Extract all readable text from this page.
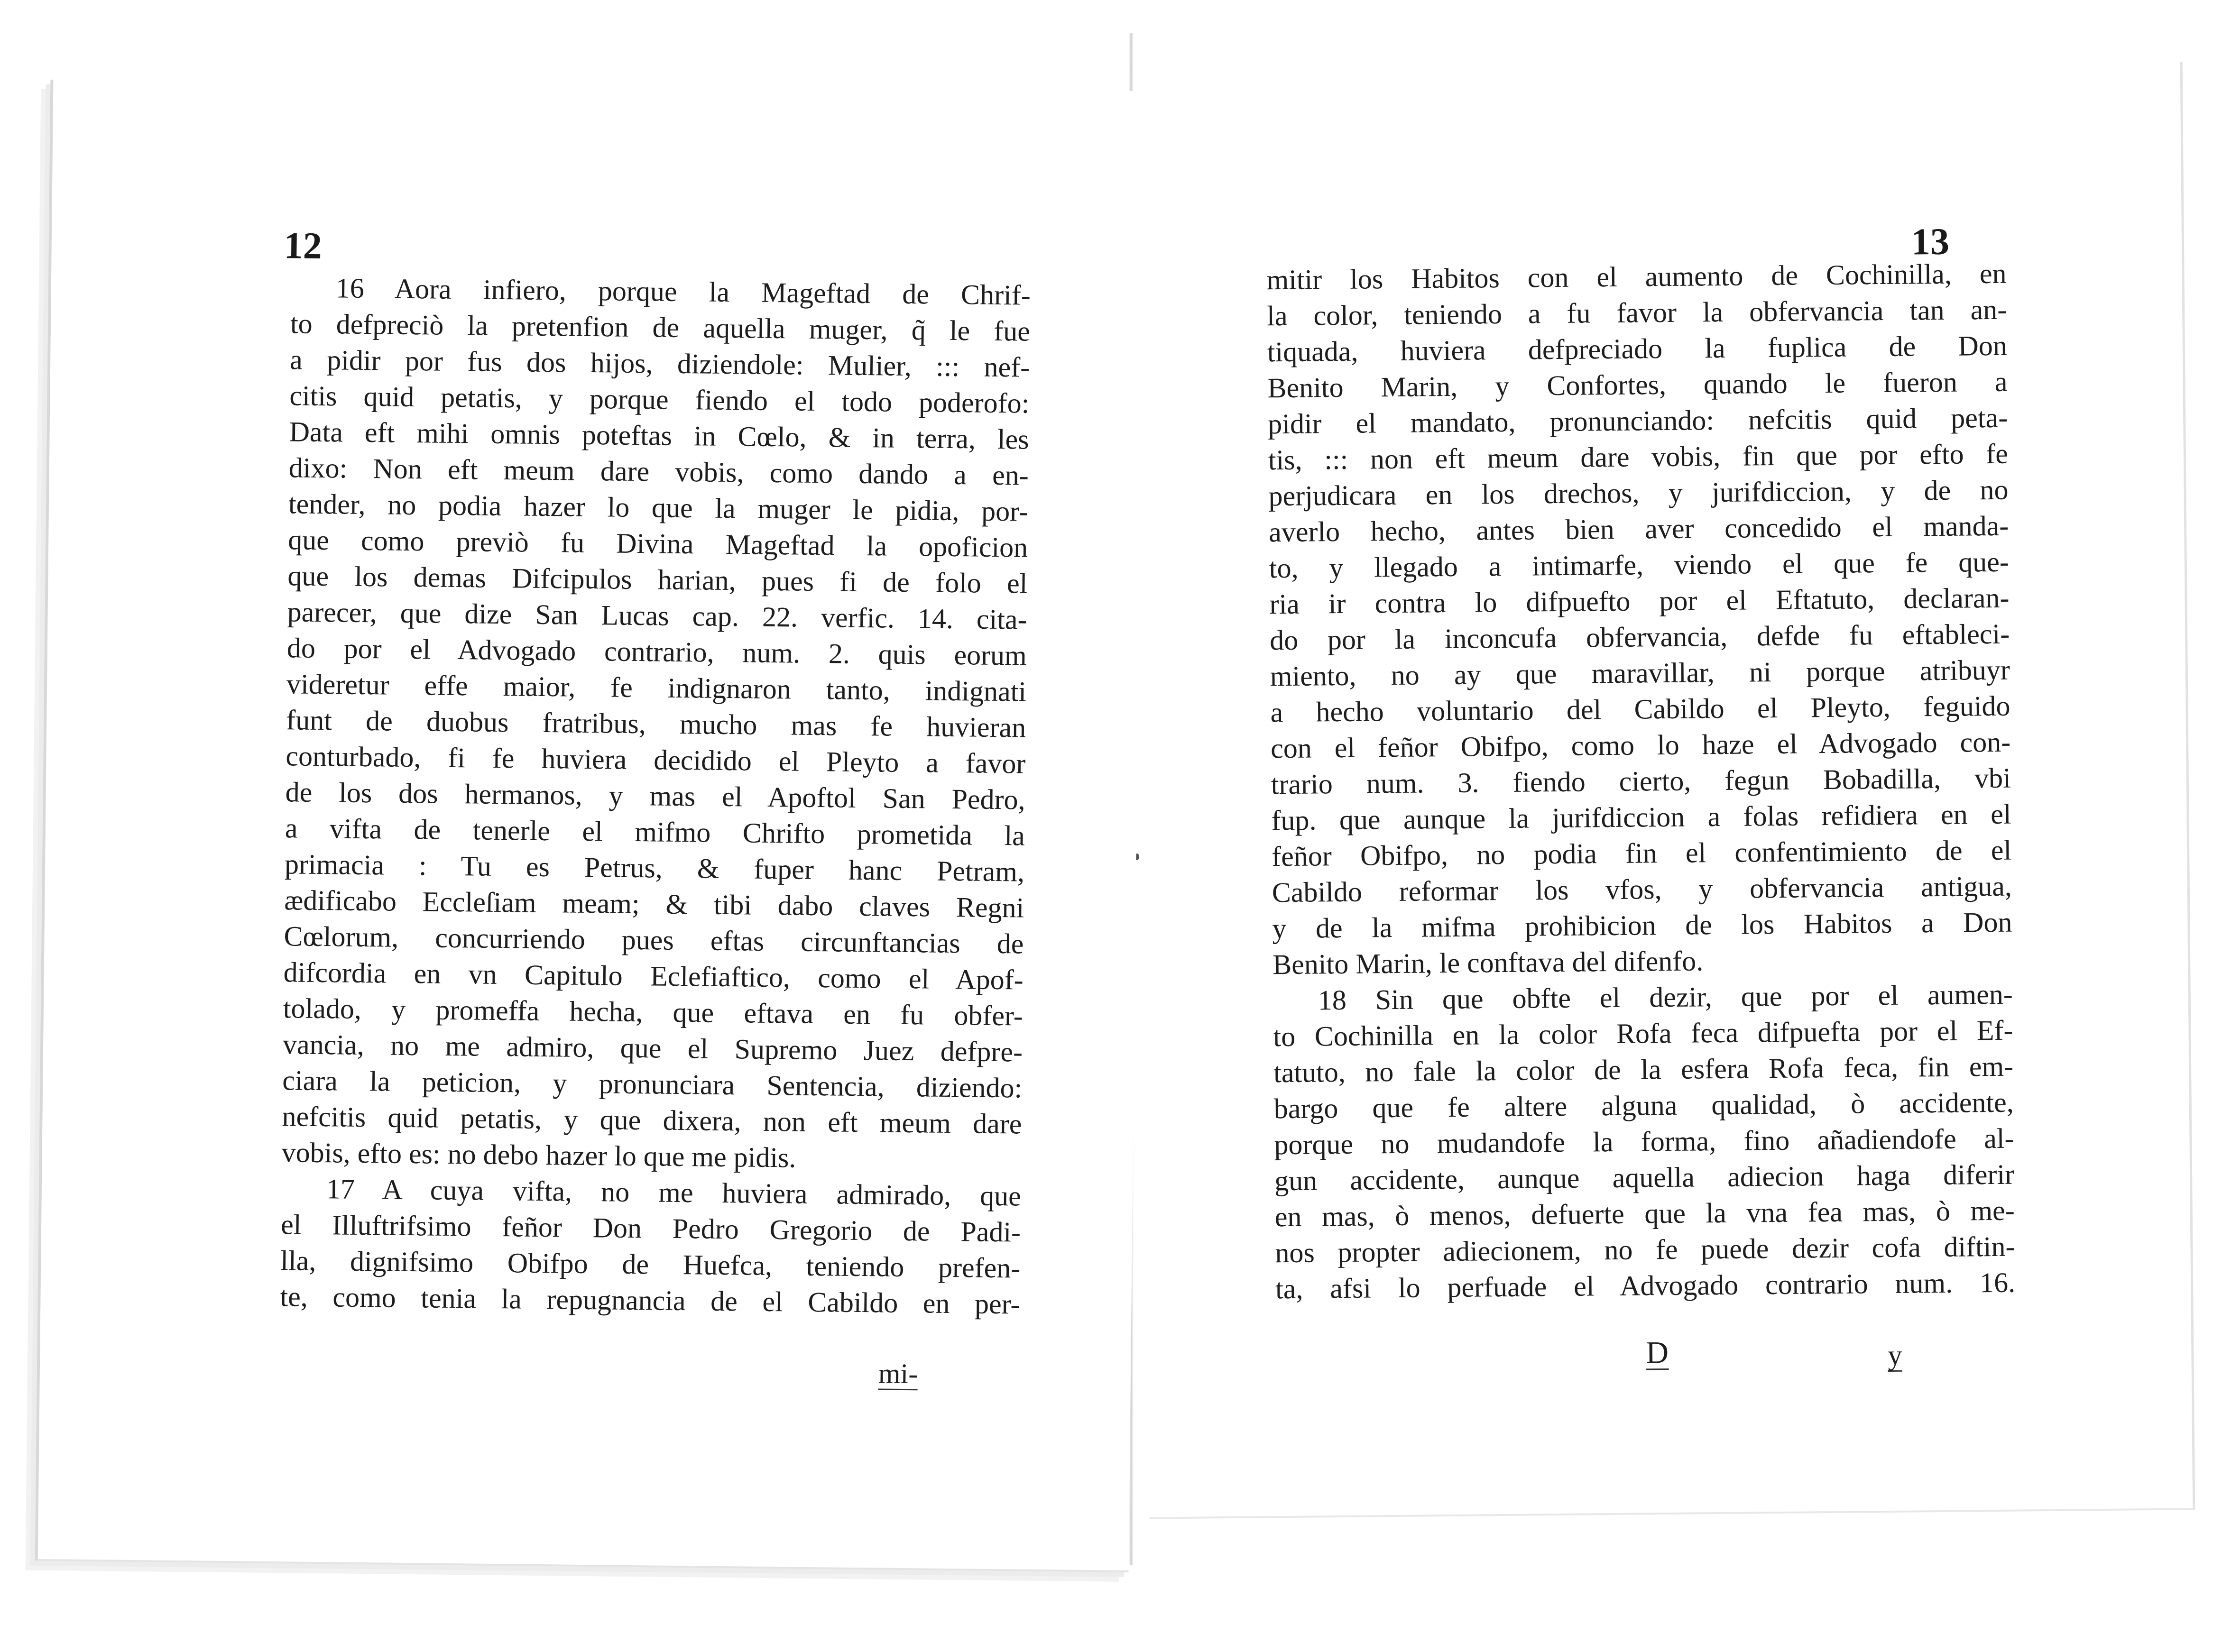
12
16 Aora infiero, porque la Mageftad de Chrif-
to defpreciò la pretenfion de aquella muger, q̃ le fue
a pidir por fus dos hijos, diziendole: Mulier, ::: nef-
citis quid petatis, y porque fiendo el todo poderofo:
Data eft mihi omnis poteftas in Cœlo, & in terra, les
dixo: Non eft meum dare vobis, como dando a en-
tender, no podia hazer lo que la muger le pidia, por-
que como previò fu Divina Mageftad la opoficion
que los demas Difcipulos harian, pues fi de folo el
parecer, que dize San Lucas cap. 22. verfic. 14. cita-
do por el Advogado contrario, num. 2. quis eorum
videretur effe maior, fe indignaron tanto, indignati
funt de duobus fratribus, mucho mas fe huvieran
conturbado, fi fe huviera decidido el Pleyto a favor
de los dos hermanos, y mas el Apoftol San Pedro,
a vifta de tenerle el mifmo Chrifto prometida la
primacia : Tu es Petrus, & fuper hanc Petram,
ædificabo Eccleſiam meam; & tibi dabo claves Regni
Cœlorum, concurriendo pues eftas circunftancias de
difcordia en vn Capitulo Eclefiaftico, como el Apof-
tolado, y promeffa hecha, que eftava en fu obfer-
vancia, no me admiro, que el Supremo Juez defpre-
ciara la peticion, y pronunciara Sentencia, diziendo:
nefcitis quid petatis, y que dixera, non eft meum dare
vobis, efto es: no debo hazer lo que me pidis.
17 A cuya vifta, no me huviera admirado, que
el Illuftrifsimo feñor Don Pedro Gregorio de Padi-
lla, dignifsimo Obifpo de Huefca, teniendo prefen-
te, como tenia la repugnancia de el Cabildo en per-
mi-
13
mitir los Habitos con el aumento de Cochinilla, en
la color, teniendo a fu favor la obfervancia tan an-
tiquada, huviera defpreciado la fuplica de Don
Benito Marin, y Confortes, quando le fueron a
pidir el mandato, pronunciando: nefcitis quid peta-
tis, ::: non eft meum dare vobis, fin que por efto fe
perjudicara en los drechos, y jurifdiccion, y de no
averlo hecho, antes bien aver concedido el manda-
to, y llegado a intimarfe, viendo el que fe que-
ria ir contra lo difpuefto por el Eftatuto, declaran-
do por la inconcufa obfervancia, defde fu eftableci-
miento, no ay que maravillar, ni porque atribuyr
a hecho voluntario del Cabildo el Pleyto, feguido
con el feñor Obifpo, como lo haze el Advogado con-
trario num. 3. fiendo cierto, fegun Bobadilla, vbi
fup. que aunque la jurifdiccion a folas refidiera en el
feñor Obifpo, no podia fin el confentimiento de el
Cabildo reformar los vfos, y obfervancia antigua,
y de la mifma prohibicion de los Habitos a Don
Benito Marin, le conftava del difenfo.
18 Sin que obfte el dezir, que por el aumen-
to Cochinilla en la color Rofa feca difpuefta por el Ef-
tatuto, no fale la color de la esfera Rofa feca, fin em-
bargo que fe altere alguna qualidad, ò accidente,
porque no mudandofe la forma, fino añadiendofe al-
gun accidente, aunque aquella adiecion haga diferir
en mas, ò menos, defuerte que la vna fea mas, ò me-
nos propter adiecionem, no fe puede dezir cofa diftin-
ta, afsi lo perfuade el Advogado contrario num. 16.
D	y
